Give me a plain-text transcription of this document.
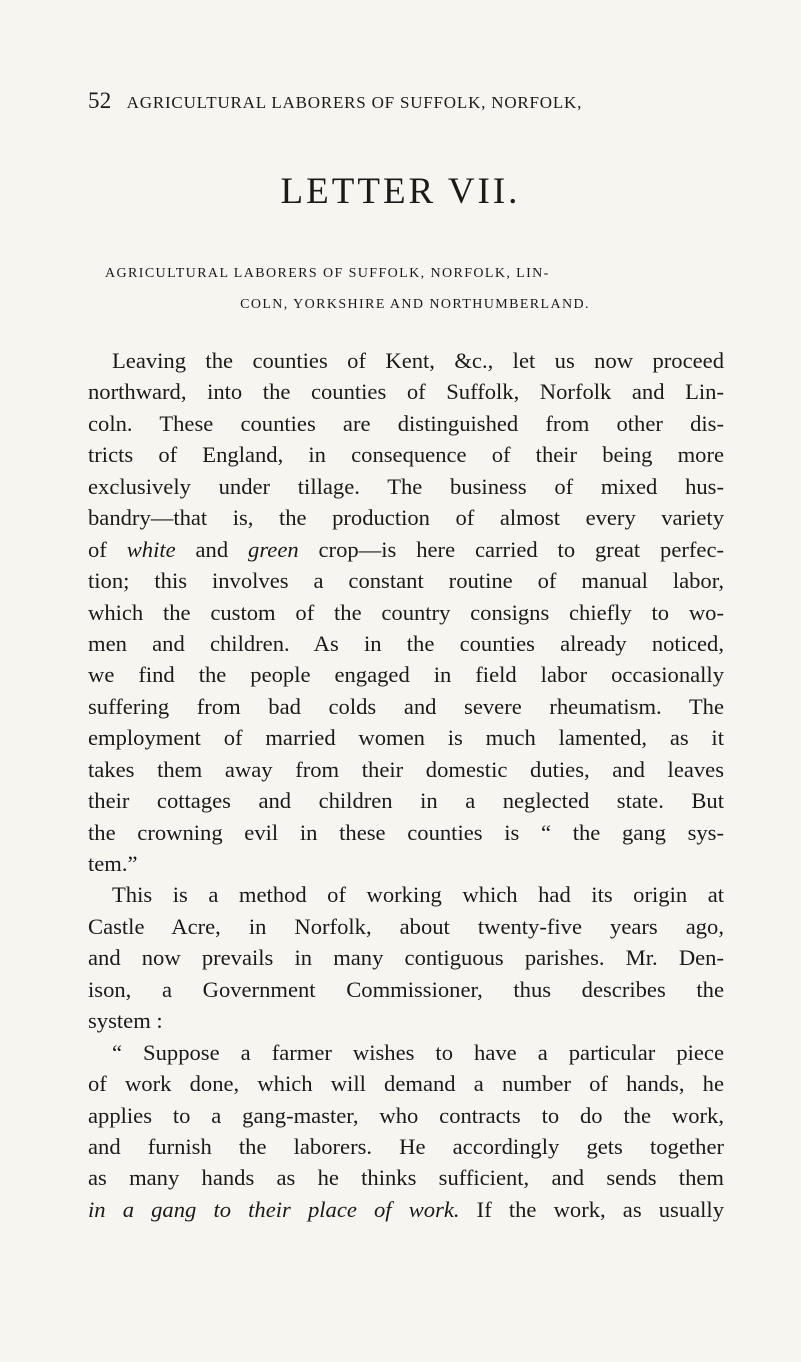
52 AGRICULTURAL LABORERS OF SUFFOLK, NORFOLK,
LETTER VII.
AGRICULTURAL LABORERS OF SUFFOLK, NORFOLK, LIN-
COLN, YORKSHIRE AND NORTHUMBERLAND.
Leaving the counties of Kent, &c., let us now proceed
northward, into the counties of Suffolk, Norfolk and Lin-
coln. These counties are distinguished from other dis-
tricts of England, in consequence of their being more
exclusively under tillage. The business of mixed hus-
bandry—that is, the production of almost every variety
of white and green crop—is here carried to great perfec-
tion; this involves a constant routine of manual labor,
which the custom of the country consigns chiefly to wo-
men and children. As in the counties already noticed,
we find the people engaged in field labor occasionally
suffering from bad colds and severe rheumatism. The
employment of married women is much lamented, as it
takes them away from their domestic duties, and leaves
their cottages and children in a neglected state. But
the crowning evil in these counties is “ the gang sys-
tem.”
This is a method of working which had its origin at
Castle Acre, in Norfolk, about twenty-five years ago,
and now prevails in many contiguous parishes. Mr. Den-
ison, a Government Commissioner, thus describes the
system :
“ Suppose a farmer wishes to have a particular piece
of work done, which will demand a number of hands, he
applies to a gang-master, who contracts to do the work,
and furnish the laborers. He accordingly gets together
as many hands as he thinks sufficient, and sends them
in a gang to their place of work. If the work, as usually
